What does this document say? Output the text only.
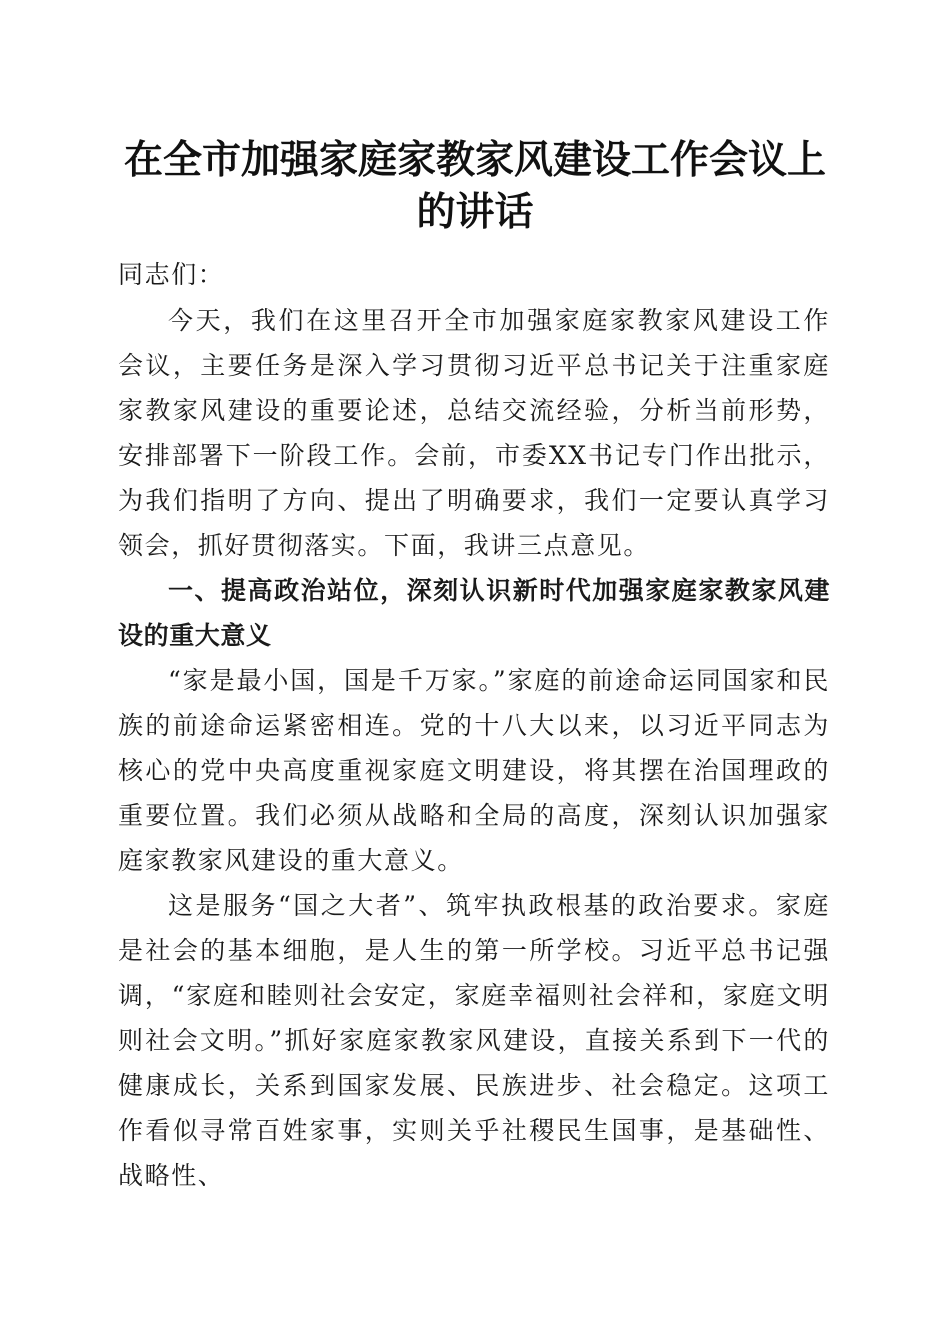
在全市加强家庭家教家风建设工作会议上的讲话

同志们：

今天，我们在这里召开全市加强家庭家教家风建设工作会议，主要任务是深入学习贯彻习近平总书记关于注重家庭家教家风建设的重要论述，总结交流经验，分析当前形势，安排部署下一阶段工作。会前，市委XX书记专门作出批示，为我们指明了方向、提出了明确要求，我们一定要认真学习领会，抓好贯彻落实。下面，我讲三点意见。

一、提高政治站位，深刻认识新时代加强家庭家教家风建设的重大意义

“家是最小国，国是千万家。”家庭的前途命运同国家和民族的前途命运紧密相连。党的十八大以来，以习近平同志为核心的党中央高度重视家庭文明建设，将其摆在治国理政的重要位置。我们必须从战略和全局的高度，深刻认识加强家庭家教家风建设的重大意义。

这是服务“国之大者”、筑牢执政根基的政治要求。家庭是社会的基本细胞，是人生的第一所学校。习近平总书记强调，“家庭和睦则社会安定，家庭幸福则社会祥和，家庭文明则社会文明。”抓好家庭家教家风建设，直接关系到下一代的健康成长，关系到国家发展、民族进步、社会稳定。这项工作看似寻常百姓家事，实则关乎社稷民生国事，是基础性、战略性、
